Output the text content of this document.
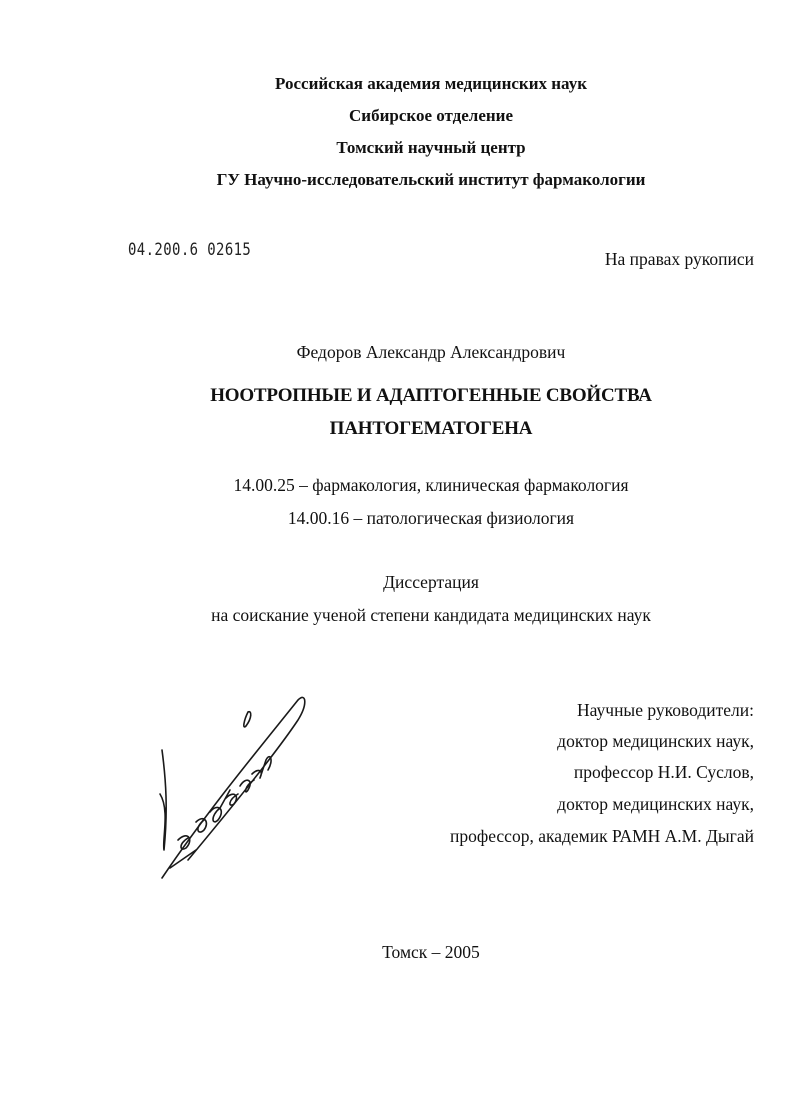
Российская академия медицинских наук
Сибирское отделение
Томский научный центр
ГУ Научно-исследовательский институт фармакологии
04.200.6 02615	На правах рукописи
Федоров Александр Александрович
НООТРОПНЫЕ И АДАПТОГЕННЫЕ СВОЙСТВА
ПАНТОГЕМАТОГЕНА
14.00.25 – фармакология, клиническая фармакология
14.00.16 – патологическая физиология
Диссертация
на соискание ученой степени кандидата медицинских наук
Научные руководители:
доктор медицинских наук,
профессор Н.И. Суслов,
доктор медицинских наук,
профессор, академик РАМН А.М. Дыгай
Томск – 2005
